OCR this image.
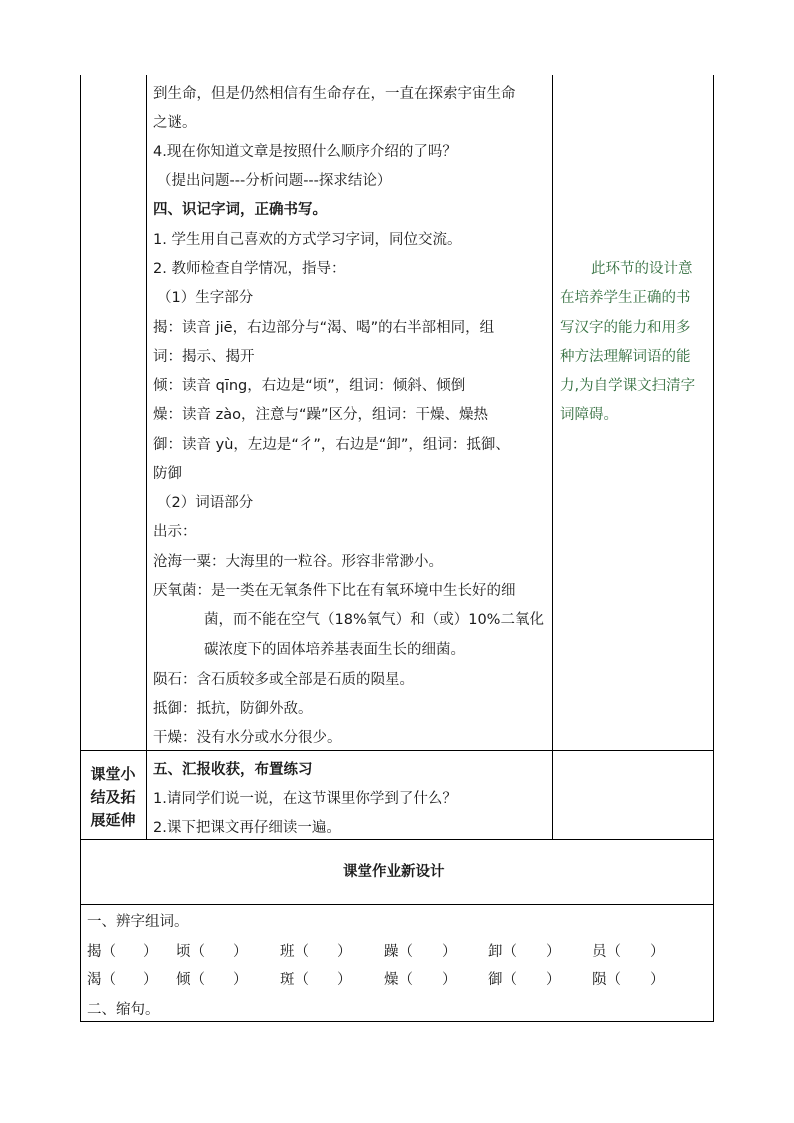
到生命，但是仍然相信有生命存在，一直在探索宇宙生命
之谜。
4.现在你知道文章是按照什么顺序介绍的了吗？
（提出问题---分析问题---探求结论）
四、识记字词，正确书写。
1. 学生用自己喜欢的方式学习字词，同位交流。
2. 教师检查自学情况，指导：
（1）生字部分
揭：读音 jiē，右边部分与“渴、喝”的右半部相同，组
词：揭示、揭开
倾：读音 qīng，右边是“顷”，组词：倾斜、倾倒
燥：读音 zào，注意与“躁”区分，组词：干燥、燥热
御：读音 yù，左边是“彳”，右边是“卸”，组词：抵御、
防御
（2）词语部分
出示：
沧海一粟：大海里的一粒谷。形容非常渺小。
厌氧菌：是一类在无氧条件下比在有氧环境中生长好的细
菌，而不能在空气（18%氧气）和（或）10%二氧化
碳浓度下的固体培养基表面生长的细菌。
陨石：含石质较多或全部是石质的陨星。
抵御：抵抗，防御外敌。
干燥：没有水分或水分很少。
此环节的设计意
在培养学生正确的书
写汉字的能力和用多
种方法理解词语的能
力,为自学课文扫清字
词障碍。
课堂小
结及拓
展延伸
五、汇报收获，布置练习
1.请同学们说一说，在这节课里你学到了什么？
2.课下把课文再仔细读一遍。
课堂作业新设计
一、辨字组词。
揭（ ） 顷（ ） 班（ ） 躁（ ） 卸（ ） 员（ ）
渴（ ） 倾（ ） 斑（ ） 燥（ ） 御（ ） 陨（ ）
二、缩句。
